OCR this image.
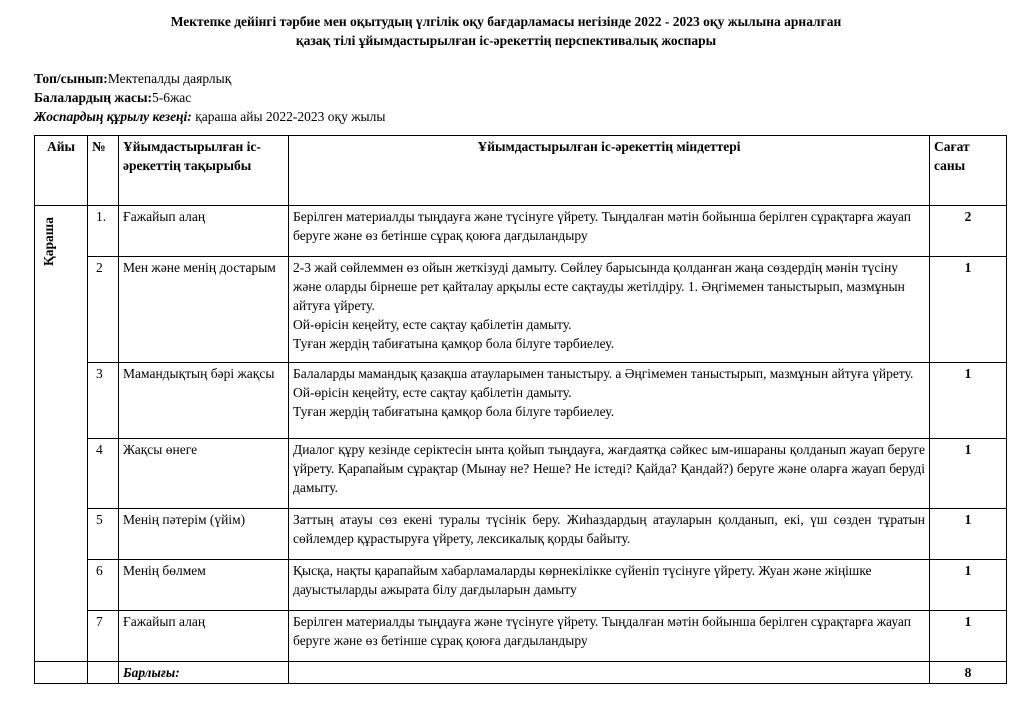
Мектепке дейінгі тәрбие мен оқытудың үлгілік оқу бағдарламасы негізінде 2022 - 2023 оқу жылына арналған
қазақ тілі ұйымдастырылған іс-әрекеттің перспективалық жоспары
Топ/сынып:Мектепалды даярлық
Балалардың жасы:5-6жас
Жоспардың құрылу кезеңі: қараша айы 2022-2023 оқу жылы
Айы	№	Ұйымдастырылған іс-әрекеттің тақырыбы	Ұйымдастырылған іс-әрекеттің міндеттері	Сағат саны

Қараша	1.	Ғажайып алаң	Берілген материалды тыңдауға және түсінуге үйрету. Тыңдалған мәтін бойынша берілген сұрақтарға жауап беруге және өз бетінше сұрақ қоюға дағдыландыру	2
	2	Мен және менің достарым	2-3 жай сөйлеммен өз ойын жеткізуді дамыту. Сөйлеу барысында қолданған жаңа сөздердің мәнін түсіну және оларды бірнеше рет қайталау арқылы есте сақтауды жетілдіру. 1. Әңгімемен таныстырып, мазмұнын айтуға үйрету.
Ой-өрісін кеңейту, есте сақтау қабілетін дамыту.
Туған жердің табиғатына қамқор бола білуге тәрбиелеу.	1
	3	Мамандықтың бәрі жақсы	Балаларды мамандық қазақша атауларымен таныстыру. а Әңгімемен таныстырып, мазмұнын айтуға үйрету.
Ой-өрісін кеңейту, есте сақтау қабілетін дамыту.
Туған жердің табиғатына қамқор бола білуге тәрбиелеу.	1
	4	Жақсы өнеге	Диалог құру кезінде серіктесін ынта қойып тыңдауға, жағдаятқа сәйкес ым-ишараны қолданып жауап беруге үйрету. Қарапайым сұрақтар (Мынау не? Неше? Не істеді? Қайда? Қандай?) беруге және оларға жауап беруді дамыту.	1
	5	Менің пәтерім (үйім)	Заттың атауы сөз екені туралы түсінік беру. Жиһаздардың атауларын қолданып, екі, үш сөзден тұратын сөйлемдер құрастыруға үйрету, лексикалық қорды байыту.	1
	6	Менің бөлмем	Қысқа, нақты қарапайым хабарламаларды көрнекілікке сүйеніп түсінуге үйрету. Жуан және жіңішке дауыстыларды ажырата білу дағдыларын дамыту	1
	7	Ғажайып алаң	Берілген материалды тыңдауға және түсінуге үйрету. Тыңдалған мәтін бойынша берілген сұрақтарға жауап беруге және өз бетінше сұрақ қоюға дағдыландыру	1
		Барлығы:		8
